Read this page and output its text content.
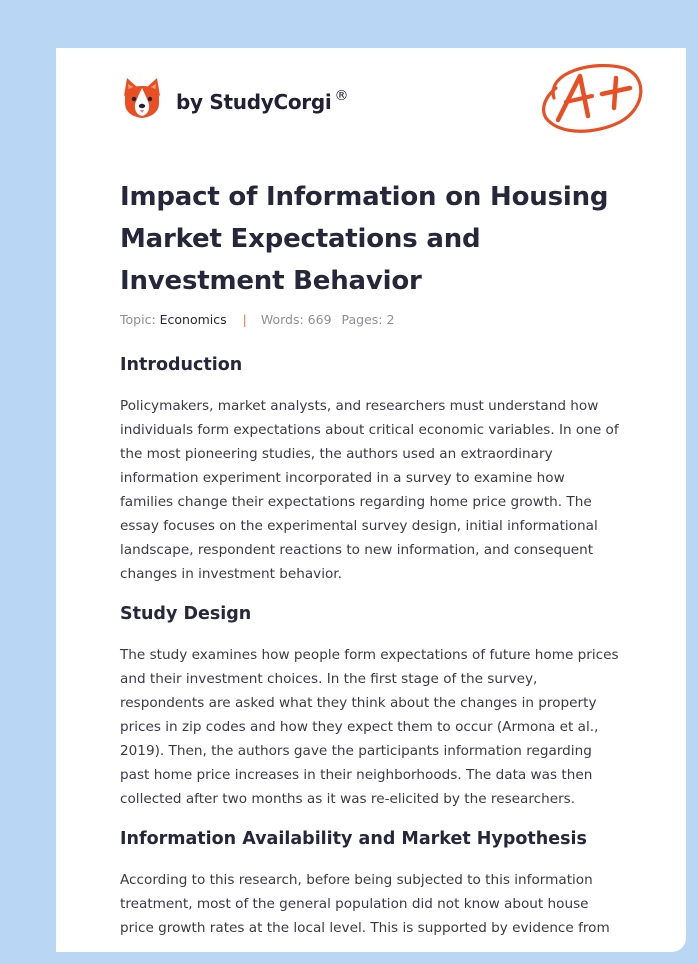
by StudyCorgi ®
Impact of Information on Housing Market Expectations and Investment Behavior
Topic: Economics | Words: 669 Pages: 2
Introduction

Policymakers, market analysts, and researchers must understand how
individuals form expectations about critical economic variables. In one of
the most pioneering studies, the authors used an extraordinary
information experiment incorporated in a survey to examine how
families change their expectations regarding home price growth. The
essay focuses on the experimental survey design, initial informational
landscape, respondent reactions to new information, and consequent
changes in investment behavior.

Study Design

The study examines how people form expectations of future home prices
and their investment choices. In the first stage of the survey,
respondents are asked what they think about the changes in property
prices in zip codes and how they expect them to occur (Armona et al.,
2019). Then, the authors gave the participants information regarding
past home price increases in their neighborhoods. The data was then
collected after two months as it was re-elicited by the researchers.

Information Availability and Market Hypothesis

According to this research, before being subjected to this information
treatment, most of the general population did not know about house
price growth rates at the local level. This is supported by evidence from
